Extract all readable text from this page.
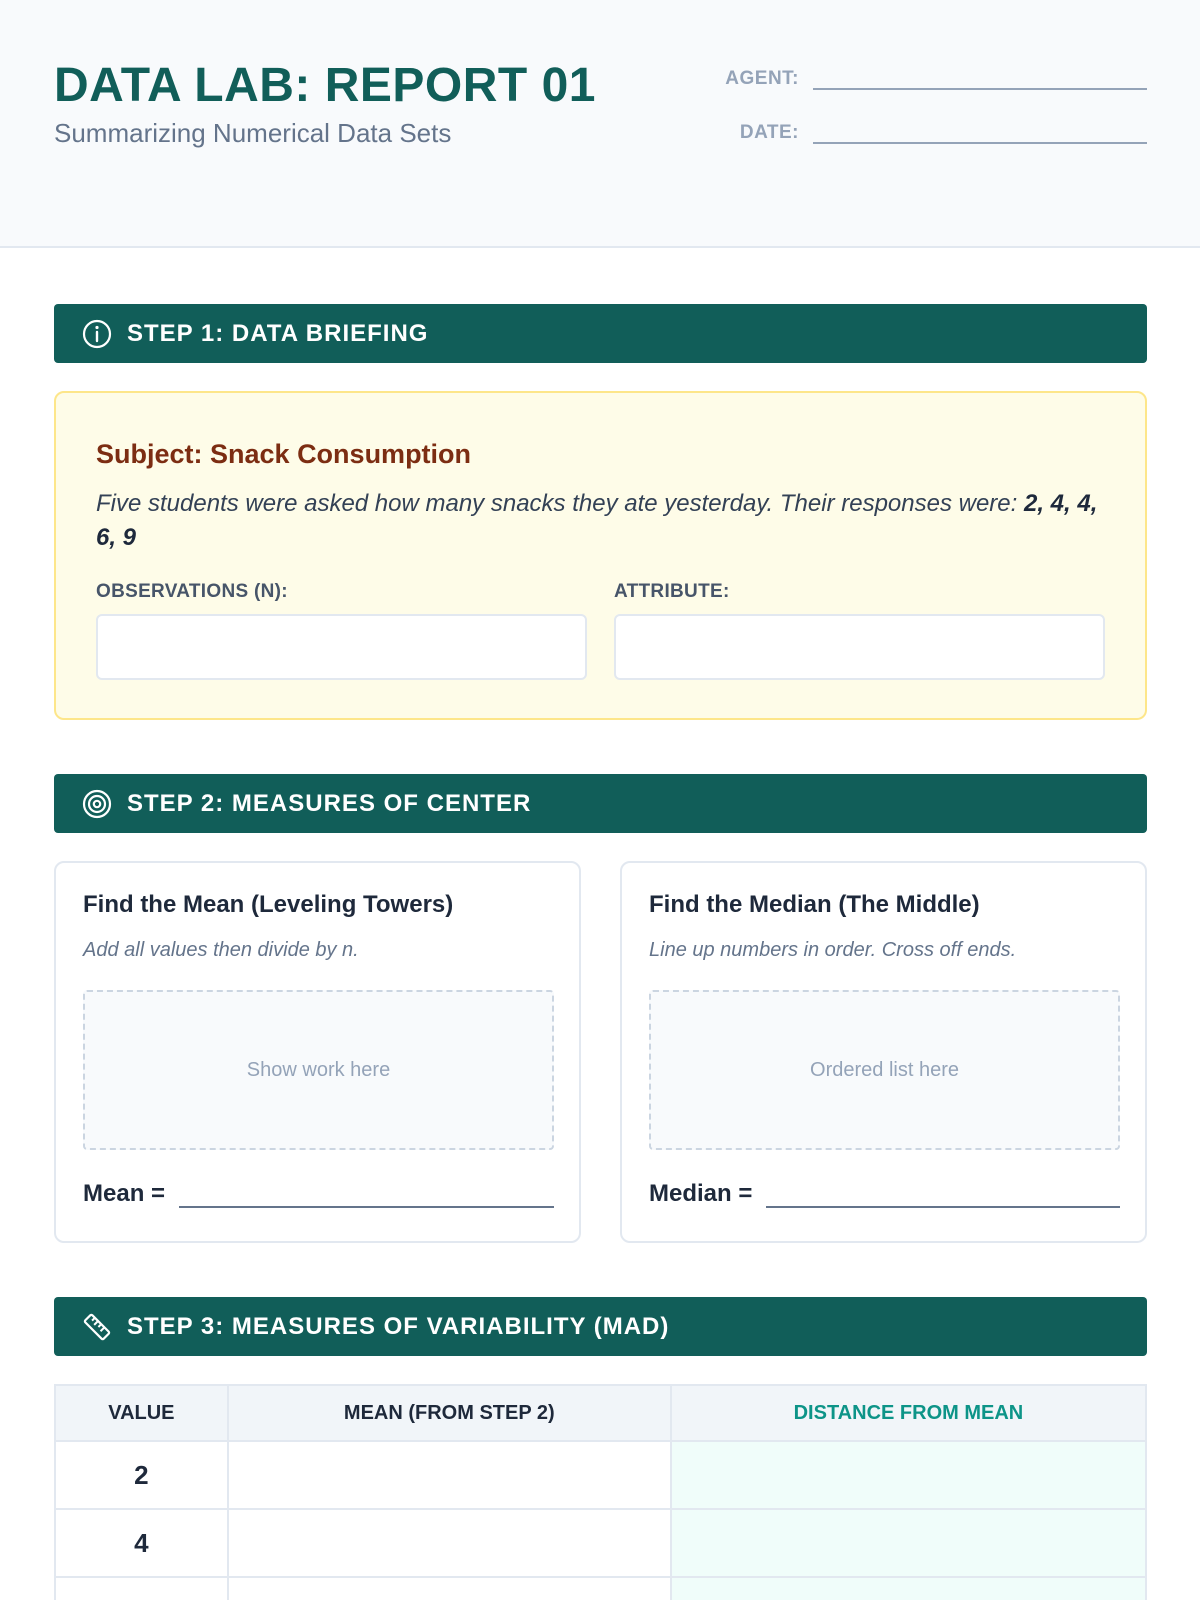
DATA LAB: REPORT 01
Summarizing Numerical Data Sets
AGENT:
DATE:
STEP 1: DATA BRIEFING
Subject: Snack Consumption
Five students were asked how many snacks they ate yesterday. Their responses were: 2, 4, 4, 6, 9
OBSERVATIONS (N):	ATTRIBUTE:
STEP 2: MEASURES OF CENTER
Find the Mean (Leveling Towers)
Add all values then divide by n.
Show work here
Mean =
Find the Median (The Middle)
Line up numbers in order. Cross off ends.
Ordered list here
Median =
STEP 3: MEASURES OF VARIABILITY (MAD)
VALUE	MEAN (FROM STEP 2)	DISTANCE FROM MEAN
2		
4		
